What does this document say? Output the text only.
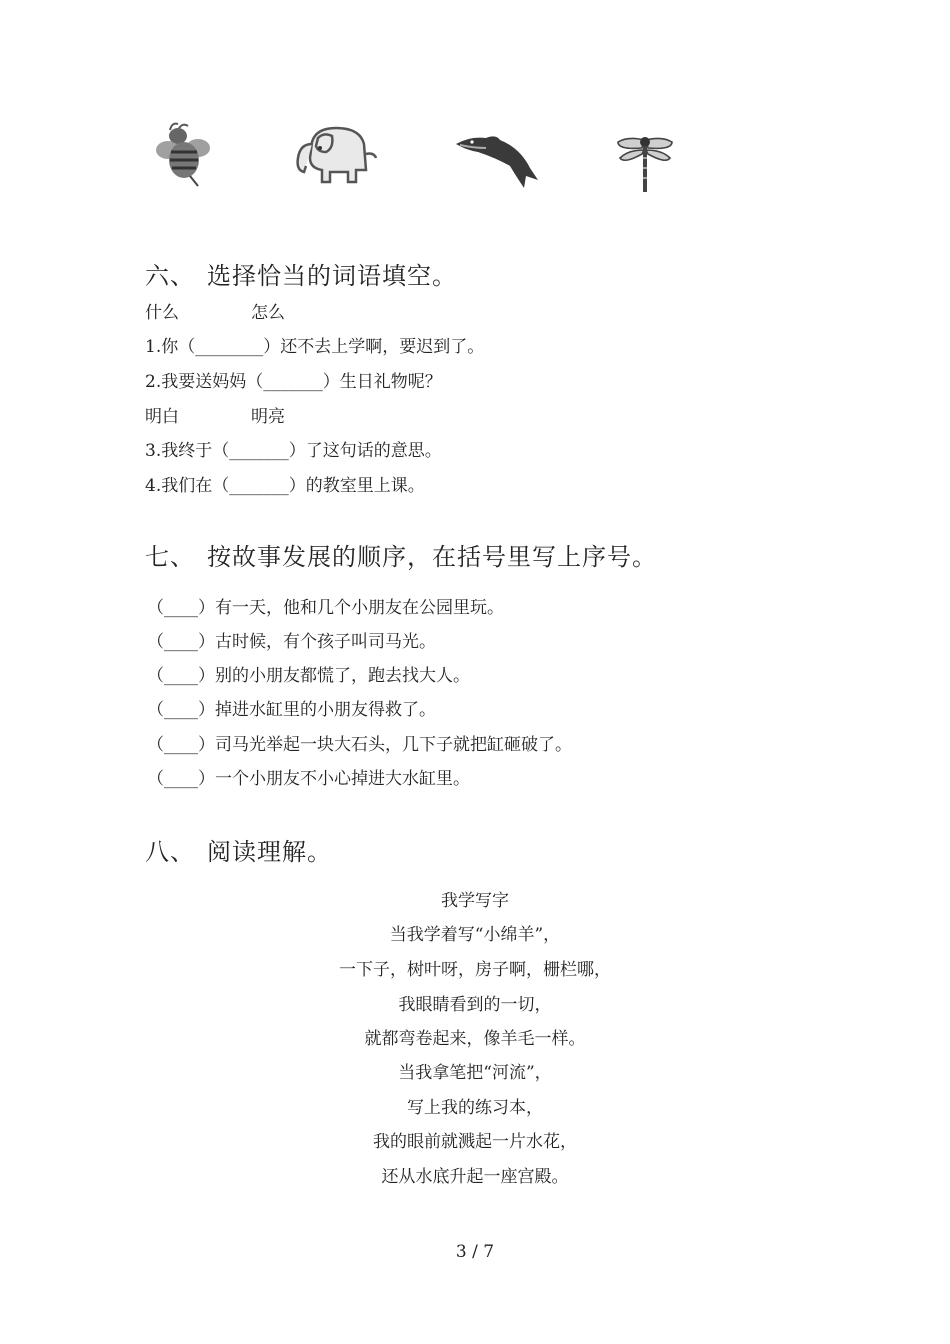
六、 选择恰当的词语填空。
什么	怎么
1.你（________）还不去上学啊，要迟到了。
2.我要送妈妈（_______）生日礼物呢？
明白	明亮
3.我终于（_______）了这句话的意思。
4.我们在（_______）的教室里上课。
七、 按故事发展的顺序，在括号里写上序号。
（____）有一天，他和几个小朋友在公园里玩。
（____）古时候，有个孩子叫司马光。
（____）别的小朋友都慌了，跑去找大人。
（____）掉进水缸里的小朋友得救了。
（____）司马光举起一块大石头，几下子就把缸砸破了。
（____）一个小朋友不小心掉进大水缸里。
八、 阅读理解。
我学写字
当我学着写“小绵羊”，
一下子，树叶呀，房子啊，栅栏哪，
我眼睛看到的一切，
就都弯卷起来，像羊毛一样。
当我拿笔把“河流”，
写上我的练习本，
我的眼前就溅起一片水花，
还从水底升起一座宫殿。
3 / 7
